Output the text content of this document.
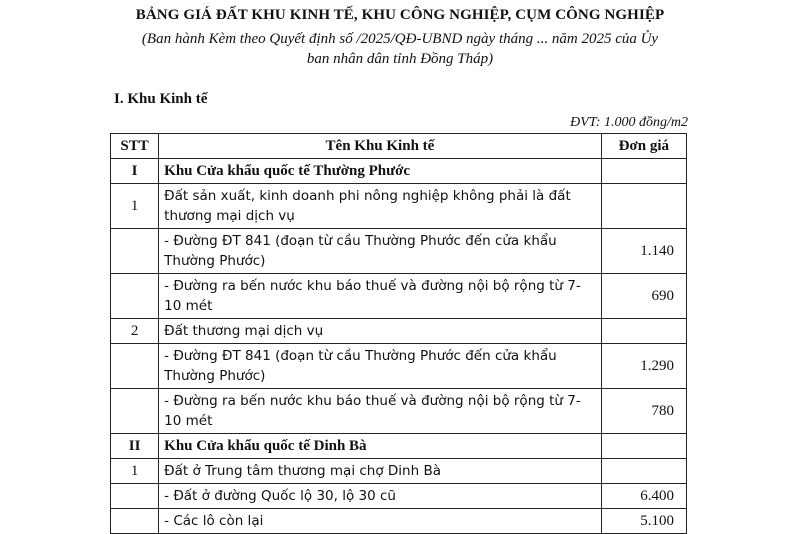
BẢNG GIÁ ĐẤT KHU KINH TẾ, KHU CÔNG NGHIỆP, CỤM CÔNG NGHIỆP
(Ban hành Kèm theo Quyết định số /2025/QĐ-UBND ngày tháng ... năm 2025 của Ủy
ban nhân dân tỉnh Đồng Tháp)
I. Khu Kinh tế
ĐVT: 1.000 đồng/m2
STT	Tên Khu Kinh tế	Đơn giá
I	Khu Cửa khẩu quốc tế Thường Phước	
1	Đất sản xuất, kinh doanh phi nông nghiệp không phải là đất thương mại dịch vụ	
	- Đường ĐT 841 (đoạn từ cầu Thường Phước đến cửa khẩu Thường Phước)	1.140
	- Đường ra bến nước khu báo thuế và đường nội bộ rộng từ 7-10 mét	690
2	Đất thương mại dịch vụ	
	- Đường ĐT 841 (đoạn từ cầu Thường Phước đến cửa khẩu Thường Phước)	1.290
	- Đường ra bến nước khu báo thuế và đường nội bộ rộng từ 7-10 mét	780
II	Khu Cửa khẩu quốc tế Dinh Bà	
1	Đất ở Trung tâm thương mại chợ Dinh Bà	
	- Đất ở đường Quốc lộ 30, lộ 30 cũ	6.400
	- Các lô còn lại	5.100
